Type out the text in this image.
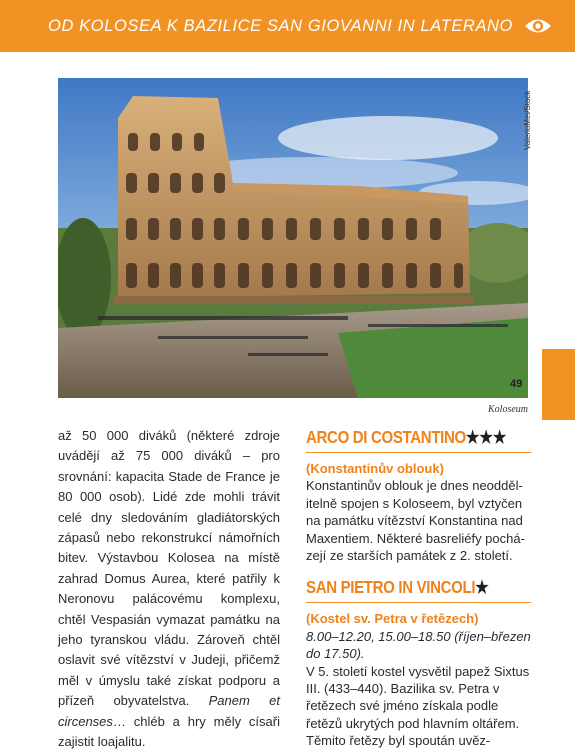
OD KOLOSEA K BAZILICE SAN GIOVANNI IN LATERANO
ValerioMei/Stock
Koloseum
49
až 50 000 diváků (některé zdroje uvádějí až 75 000 diváků – pro srovnání: kapacita Stade de France je 80 000 osob). Lidé zde mohli trávit celé dny sledováním gladiátorských zápasů nebo rekonstrukcí námořních bitev. Výstavbou Kolosea na místě zahrad Domus Aurea, které patřily k Neronovu palácovému komplexu, chtěl Vespasián vymazat památku na jeho tyranskou vládu. Zároveň chtěl oslavit své vítězství v Judeji, přičemž měl v úmyslu také získat podporu a přízeň obyvatelstva. Panem et circenses… chléb a hry měly císaři zajistit loajalitu.
ARCO DI COSTANTINO★★★

(Konstantinův oblouk)

Konstantinův oblouk je dnes neoddělitelně spojen s Koloseem, byl vztyčen na památku vítězství Konstantina nad Maxentiem. Některé basreliéfy pocházejí ze starších památek z 2. století.

SAN PIETRO IN VINCOLI★

(Kostel sv. Petra v řetězech)

8.00–12.20, 15.00–18.50 (říjen–březen do 17.50).

V 5. století kostel vysvětil papež Sixtus III. (433–440). Bazilika sv. Petra v řetězech své jméno získala podle řetězů ukrytých pod hlavním oltářem. Těmito řetězy byl spoután uvěz-
